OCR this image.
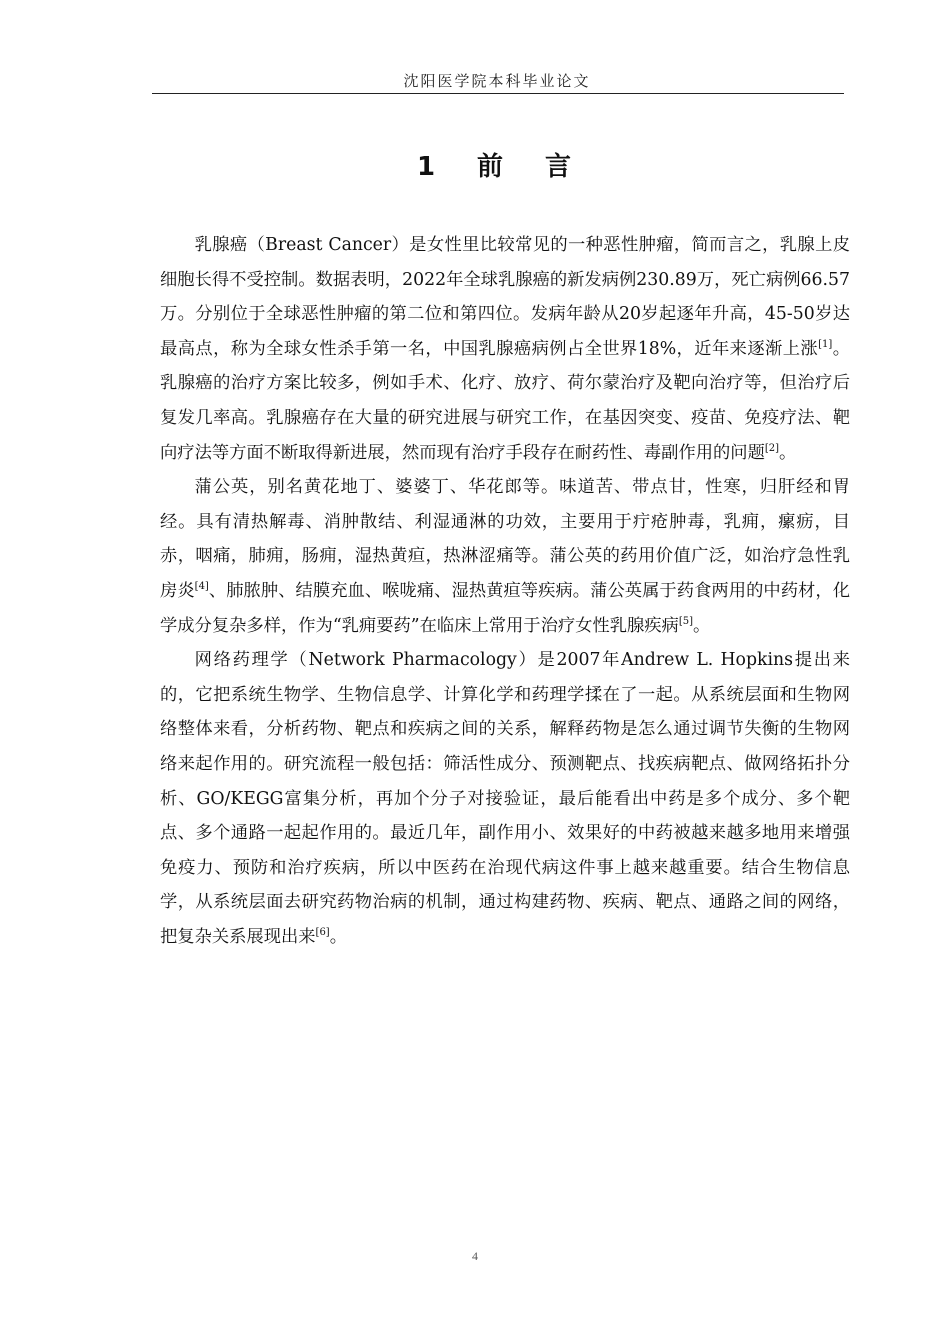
沈阳医学院本科毕业论文
1　前　言

乳腺癌（Breast Cancer）是女性里比较常见的一种恶性肿瘤，简而言之，乳腺上皮细胞长得不受控制。数据表明，2022年全球乳腺癌的新发病例230.89万，死亡病例66.57万。分别位于全球恶性肿瘤的第二位和第四位。发病年龄从20岁起逐年升高，45-50岁达最高点，称为全球女性杀手第一名，中国乳腺癌病例占全世界18%，近年来逐渐上涨[1]。乳腺癌的治疗方案比较多，例如手术、化疗、放疗、荷尔蒙治疗及靶向治疗等，但治疗后复发几率高。乳腺癌存在大量的研究进展与研究工作，在基因突变、疫苗、免疫疗法、靶向疗法等方面不断取得新进展，然而现有治疗手段存在耐药性、毒副作用的问题[2]。

蒲公英，别名黄花地丁、婆婆丁、华花郎等。味道苦、带点甘，性寒，归肝经和胃经。具有清热解毒、消肿散结、利湿通淋的功效，主要用于疔疮肿毒，乳痈，瘰疬，目赤，咽痛，肺痈，肠痈，湿热黄疸，热淋涩痛等。蒲公英的药用价值广泛，如治疗急性乳房炎[4]、肺脓肿、结膜充血、喉咙痛、湿热黄疸等疾病。蒲公英属于药食两用的中药材，化学成分复杂多样，作为“乳痈要药”在临床上常用于治疗女性乳腺疾病[5]。

网络药理学（Network Pharmacology）是2007年Andrew L. Hopkins提出来的，它把系统生物学、生物信息学、计算化学和药理学揉在了一起。从系统层面和生物网络整体来看，分析药物、靶点和疾病之间的关系，解释药物是怎么通过调节失衡的生物网络来起作用的。研究流程一般包括：筛活性成分、预测靶点、找疾病靶点、做网络拓扑分析、GO/KEGG富集分析，再加个分子对接验证，最后能看出中药是多个成分、多个靶点、多个通路一起起作用的。最近几年，副作用小、效果好的中药被越来越多地用来增强免疫力、预防和治疗疾病，所以中医药在治现代病这件事上越来越重要。结合生物信息学，从系统层面去研究药物治病的机制，通过构建药物、疾病、靶点、通路之间的网络，把复杂关系展现出来[6]。

4
